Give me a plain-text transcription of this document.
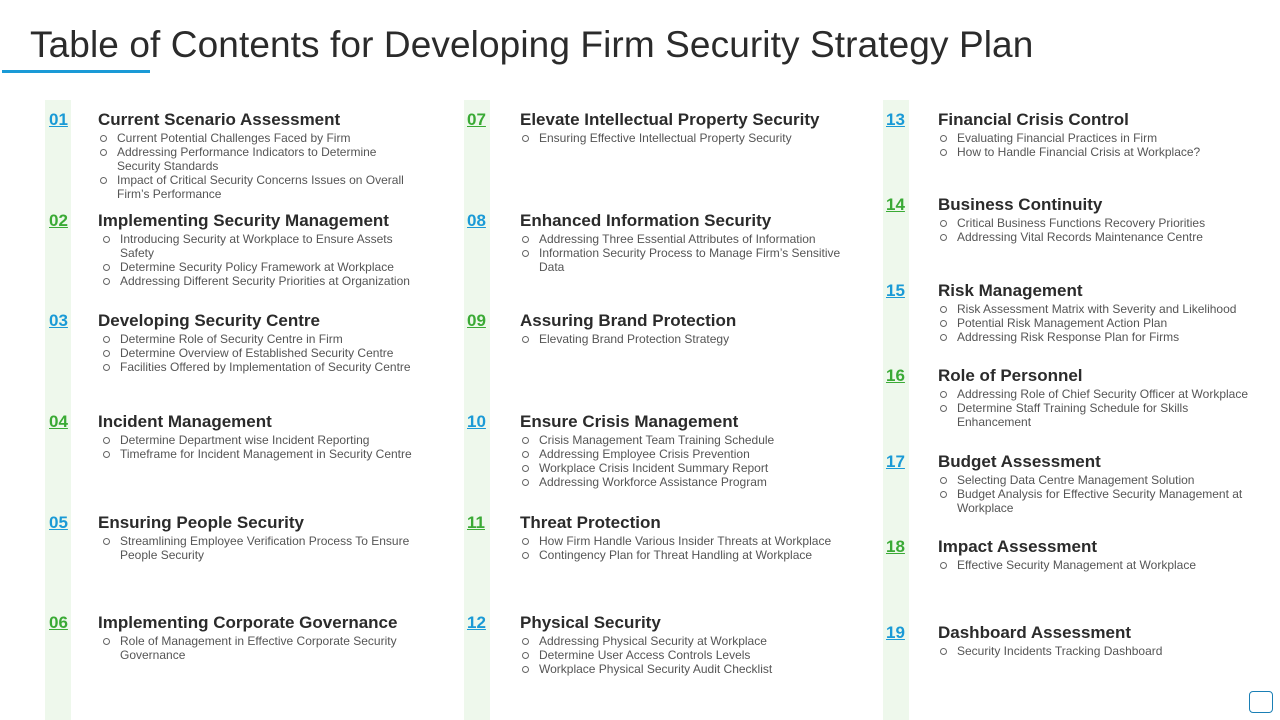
Table of Contents for Developing Firm Security Strategy Plan
01 Current Scenario Assessment
Current Potential Challenges Faced by Firm
Addressing Performance Indicators to Determine Security Standards
Impact of Critical Security Concerns Issues on Overall Firm’s Performance
02 Implementing Security Management
Introducing Security at Workplace to Ensure Assets Safety
Determine Security Policy Framework at Workplace
Addressing Different Security Priorities at Organization
03 Developing Security Centre
Determine Role of Security Centre in Firm
Determine Overview of Established Security Centre
Facilities Offered by Implementation of Security Centre
04 Incident Management
Determine Department wise Incident Reporting
Timeframe for Incident Management in Security Centre
05 Ensuring People Security
Streamlining Employee Verification Process To Ensure People Security
06 Implementing Corporate Governance
Role of Management in Effective Corporate Security Governance
07 Elevate Intellectual Property Security
Ensuring Effective Intellectual Property Security
08 Enhanced Information Security
Addressing Three Essential Attributes of Information
Information Security Process to Manage Firm’s Sensitive Data
09 Assuring Brand Protection
Elevating Brand Protection Strategy
10 Ensure Crisis Management
Crisis Management Team Training Schedule
Addressing Employee Crisis Prevention
Workplace Crisis Incident Summary Report
Addressing Workforce Assistance Program
11 Threat Protection
How Firm Handle Various Insider Threats at Workplace
Contingency Plan for Threat Handling at Workplace
12 Physical Security
Addressing Physical Security at Workplace
Determine User Access Controls Levels
Workplace Physical Security Audit Checklist
13 Financial Crisis Control
Evaluating Financial Practices in Firm
How to Handle Financial Crisis at Workplace?
14 Business Continuity
Critical Business Functions Recovery Priorities
Addressing Vital Records Maintenance Centre
15 Risk Management
Risk Assessment Matrix with Severity and Likelihood
Potential Risk Management Action Plan
Addressing Risk Response Plan for Firms
16 Role of Personnel
Addressing Role of Chief Security Officer at Workplace
Determine Staff Training Schedule for Skills Enhancement
17 Budget Assessment
Selecting Data Centre Management Solution
Budget Analysis for Effective Security Management at Workplace
18 Impact Assessment
Effective Security Management at Workplace
19 Dashboard Assessment
Security Incidents Tracking Dashboard
